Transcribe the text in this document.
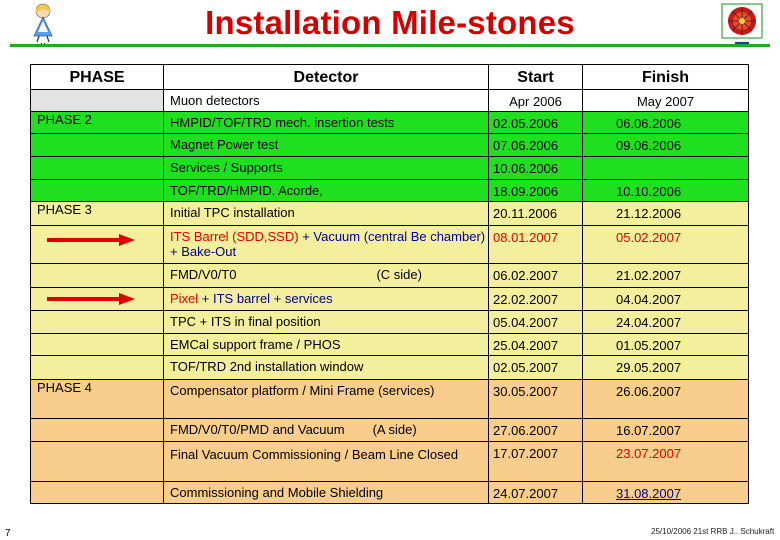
Installation Mile-stones
▪ ▪	▬▬
PHASE	Detector	Start	Finish
	Muon detectors	Apr 2006	May 2007

PHASE 2	HMPID/TOF/TRD mech. insertion tests	02.05.2006	06.06.2006

	Magnet Power test	07.06.2006	09.06.2006

	Services / Supports	10.06.2006	

	TOF/TRD/HMPID, Acorde,	18.09.2006	10.10.2006

PHASE 3	Initial TPC installation	20.11.2006	21.12.2006

	ITS Barrel (SDD,SSD) + Vacuum (central Be chamber) + Bake-Out	08.01.2007	05.02.2007

	FMD/V0/T0 (C side)	06.02.2007	21.02.2007

	Pixel + ITS barrel + services	22.02.2007	04.04.2007

	TPC + ITS in final position	05.04.2007	24.04.2007

	EMCal support frame / PHOS	25.04.2007	01.05.2007

	TOF/TRD 2nd installation window	02.05.2007	29.05.2007

PHASE 4	Compensator platform / Mini Frame (services)	30.05.2007	26.06.2007

	FMD/V0/T0/PMD and Vacuum (A side)	27.06.2007	16.07.2007

	Final Vacuum Commissioning / Beam Line Closed	17.07.2007	23.07.2007

	Commissioning and Mobile Shielding	24.07.2007	31.08.2007
7	25/10/2006 21st RRB J.. Schukraft
